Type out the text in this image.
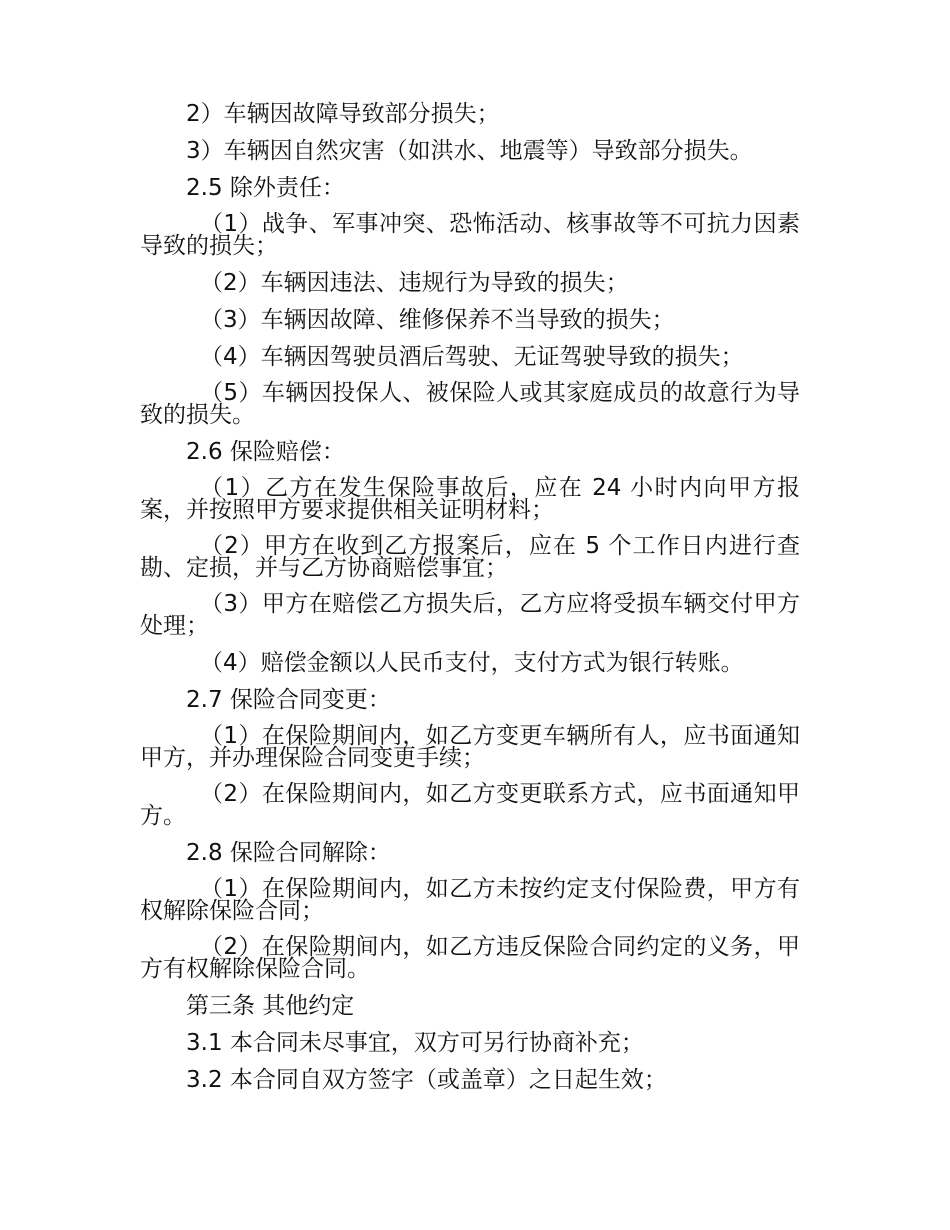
2）车辆因故障导致部分损失；

3）车辆因自然灾害（如洪水、地震等）导致部分损失。

2.5 除外责任：

（1）战争、军事冲突、恐怖活动、核事故等不可抗力因素导致的损失；

（2）车辆因违法、违规行为导致的损失；

（3）车辆因故障、维修保养不当导致的损失；

（4）车辆因驾驶员酒后驾驶、无证驾驶导致的损失；

（5）车辆因投保人、被保险人或其家庭成员的故意行为导致的损失。

2.6 保险赔偿：

（1）乙方在发生保险事故后，应在 24 小时内向甲方报案，并按照甲方要求提供相关证明材料；

（2）甲方在收到乙方报案后，应在 5 个工作日内进行查勘、定损，并与乙方协商赔偿事宜；

（3）甲方在赔偿乙方损失后，乙方应将受损车辆交付甲方处理；

（4）赔偿金额以人民币支付，支付方式为银行转账。

2.7 保险合同变更：

（1）在保险期间内，如乙方变更车辆所有人，应书面通知甲方，并办理保险合同变更手续；

（2）在保险期间内，如乙方变更联系方式，应书面通知甲方。

2.8 保险合同解除：

（1）在保险期间内，如乙方未按约定支付保险费，甲方有权解除保险合同；

（2）在保险期间内，如乙方违反保险合同约定的义务，甲方有权解除保险合同。

第三条 其他约定

3.1 本合同未尽事宜，双方可另行协商补充；

3.2 本合同自双方签字（或盖章）之日起生效；
